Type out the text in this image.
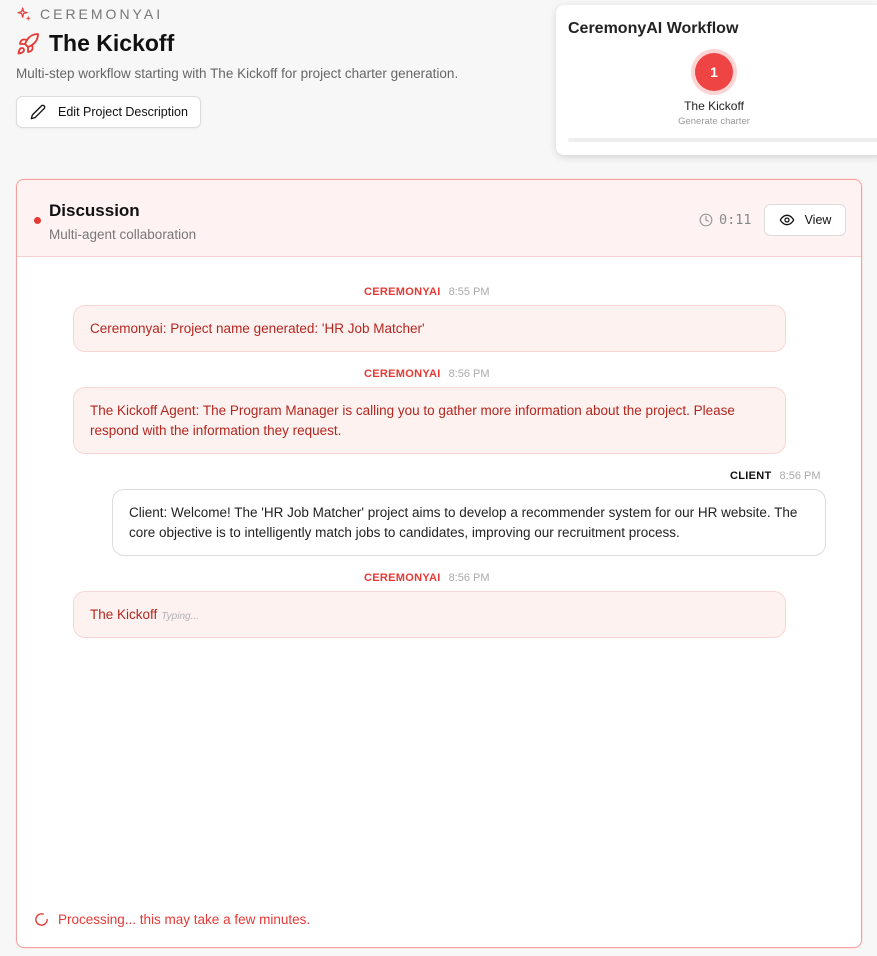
CEREMONYAI
The Kickoff
Multi-step workflow starting with The Kickoff for project charter generation.
Edit Project Description
CeremonyAI Workflow
1
The Kickoff
Generate charter
Discussion
Multi-agent collaboration
0:11	View
CEREMONYAI 8:55 PM
Ceremonyai: Project name generated: 'HR Job Matcher'
CEREMONYAI 8:56 PM
The Kickoff Agent: The Program Manager is calling you to gather more information about the project. Please respond with the information they request.
CLIENT 8:56 PM
Client: Welcome! The 'HR Job Matcher' project aims to develop a recommender system for our HR website. The core objective is to intelligently match jobs to candidates, improving our recruitment process.
CEREMONYAI 8:56 PM
The Kickoff Typing...
Processing... this may take a few minutes.
